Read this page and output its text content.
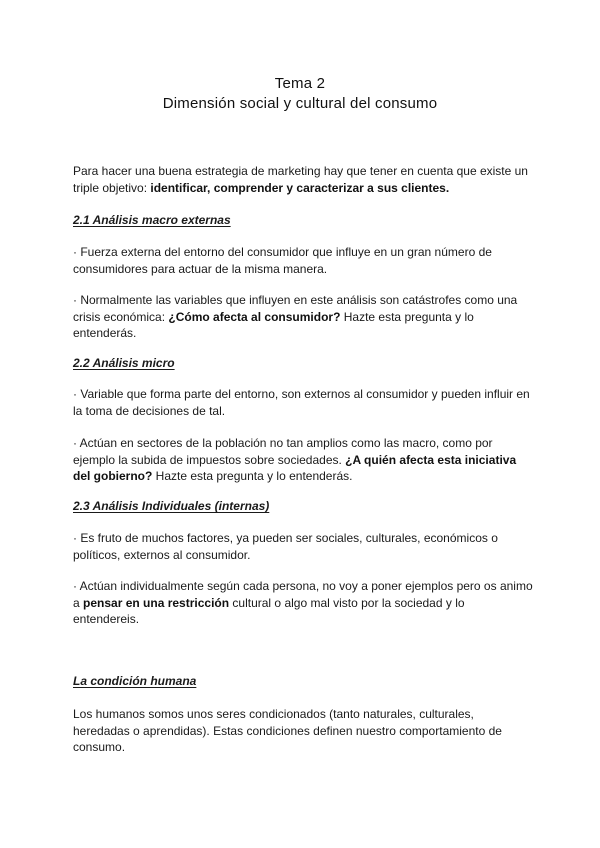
Tema 2
Dimensión social y cultural del consumo
Para hacer una buena estrategia de marketing hay que tener en cuenta que existe un triple objetivo: identificar, comprender y caracterizar a sus clientes.
2.1 Análisis macro externas
· Fuerza externa del entorno del consumidor que influye en un gran número de consumidores para actuar de la misma manera.
· Normalmente las variables que influyen en este análisis son catástrofes como una crisis económica: ¿Cómo afecta al consumidor? Hazte esta pregunta y lo entenderás.
2.2 Análisis micro
· Variable que forma parte del entorno, son externos al consumidor y pueden influir en la toma de decisiones de tal.
· Actúan en sectores de la población no tan amplios como las macro, como por ejemplo la subida de impuestos sobre sociedades. ¿A quién afecta esta iniciativa del gobierno? Hazte esta pregunta y lo entenderás.
2.3 Análisis Individuales (internas)
· Es fruto de muchos factores, ya pueden ser sociales, culturales, económicos o políticos, externos al consumidor.
· Actúan individualmente según cada persona, no voy a poner ejemplos pero os animo a pensar en una restricción cultural o algo mal visto por la sociedad y lo entendereis.
La condición humana
Los humanos somos unos seres condicionados (tanto naturales, culturales, heredadas o aprendidas). Estas condiciones definen nuestro comportamiento de consumo.
